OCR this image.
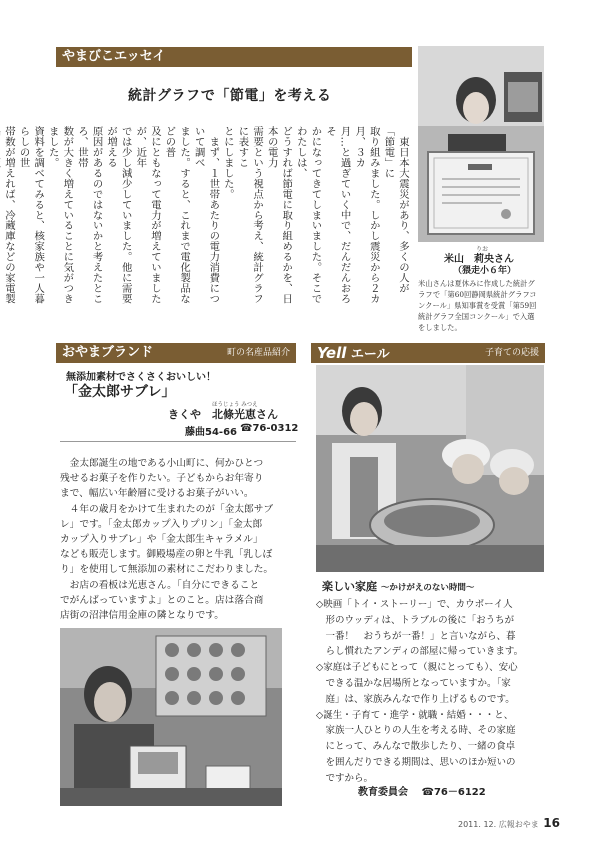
やまびこエッセイ
統計グラフで「節電」を考える
　東日本大震災があり、多くの人が「節電」に
取り組みました。しかし震災から２カ月、３カ
月…と過ぎていく中で、だんだんおろそ
かになってきてしまいました。そこでわたしは、
どうすれば節電に取り組めるかを、日本の電力
需要という視点から考え、統計グラフに表すこ
とにしました。
　まず、１世帯あたりの電力消費について調べ
ました。すると、これまで電化製品などの普
及にともなって電力が増えていましたが、近年
では少し減少していました。他に需要が増える
原因があるのではないかと考えたところ、世帯
数が大きく増えていることに気がつきました。
資料を調べてみると、核家族や一人暮らしの世
帯数が増えれば、冷蔵庫などの家電製
りお
米山　莉央さん
（猥走小６年）
米山さんは夏休みに作成した統計グ
ラフで「第60回静岡県統計グラフコ
ンクール」県知事賞を受賞「第59回
統計グラフ全国コンクール」で入選
をしました。
おやまブランド	町の名産品紹介
無添加素材でさくさくおいしい！
「金太郎サブレ」
ほうじょう みつえ
きくや　北條光恵さん
藤曲54-66 ☎76-0312
　金太郎誕生の地である小山町に、何かひとつ
残せるお菓子を作りたい。子どもからお年寄り
まで、幅広い年齢層に受けるお菓子がいい。
　４年の歳月をかけて生まれたのが「金太郎サブ
レ」です。「金太郎カップ入りプリン」「金太郎
カップ入りサブレ」や「金太郎生キャラメル」
なども販売します。御殿場産の卵と牛乳「乳しぼ
り」を使用して無添加の素材にこだわりました。
　お店の看板は光恵さん。「自分にできること
でがんばっていますよ」とのこと。店は落合商
店街の沼津信用金庫の隣となりです。
Yell エール	子育ての応援
楽しい家庭 〜かけがえのない時間〜
◇映画「トイ・ストーリー」で、カウボーイ人
　形のウッディは、トラブルの後に「おうちが
　一番！　おうちが一番！」と言いながら、暮
　らし慣れたアンディの部屋に帰っていきます。
◇家庭は子どもにとって（親にとっても）、安心
　できる温かな居場所となっていますか。「家
　庭」は、家族みんなで作り上げるものです。
◇誕生・子育て・進学・就職・結婚・・・と、
　家族一人ひとりの人生を考える時、その家庭
　にとって、みんなで散歩したり、一緒の食卓
　を囲んだりできる期間は、思いのほか短いの
　ですから。
教育委員会 ☎76－6122
2011. 12. 広報おやま 16
